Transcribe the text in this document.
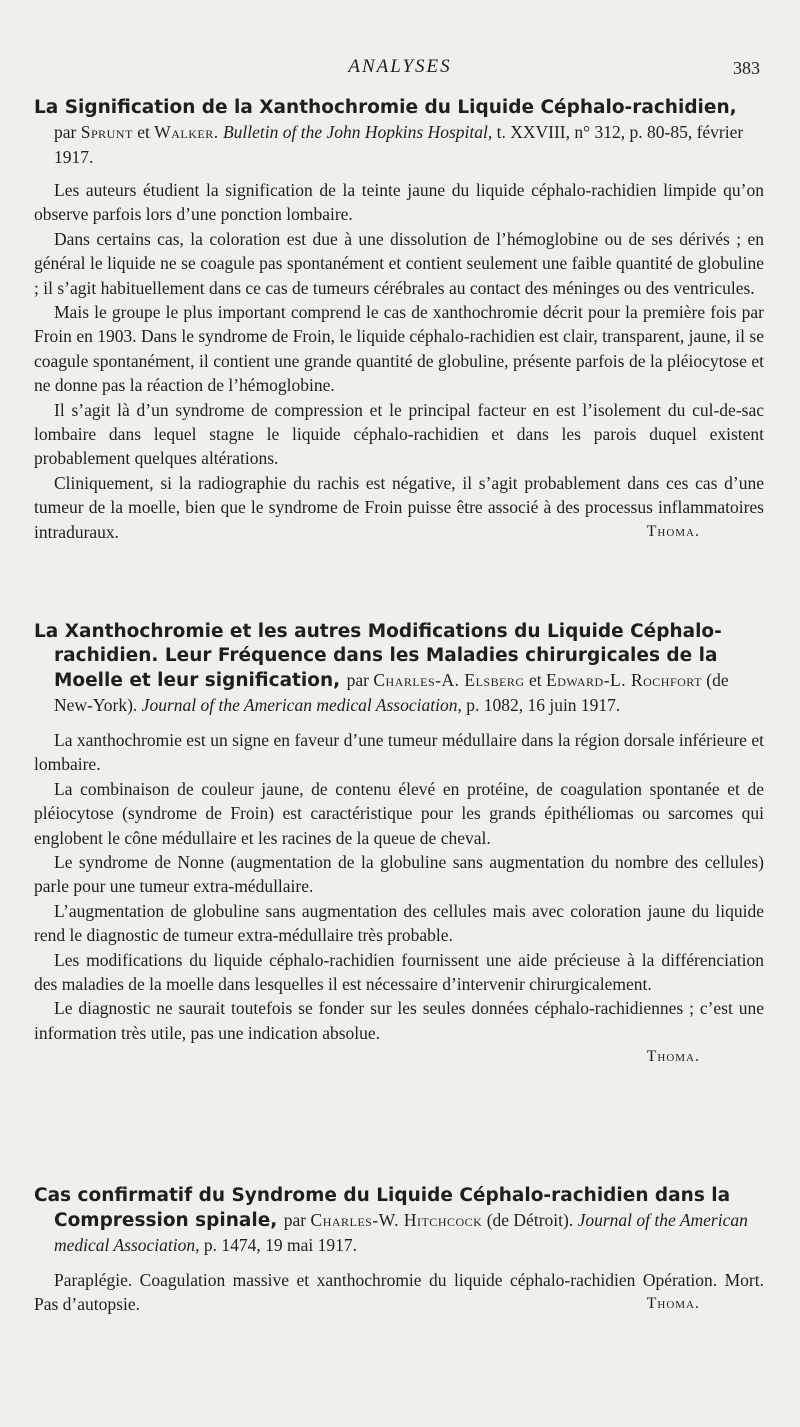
ANALYSES	383
La Signification de la Xanthochromie du Liquide Céphalo-rachidien,
par Sprunt et Walker. Bulletin of the John Hopkins Hospital, t. XXVIII, n° 312, p. 80-85, février 1917.

Les auteurs étudient la signification de la teinte jaune du liquide céphalo-rachidien limpide qu’on observe parfois lors d’une ponction lombaire.

Dans certains cas, la coloration est due à une dissolution de l’hémoglobine ou de ses dérivés ; en général le liquide ne se coagule pas spontanément et contient seulement une faible quantité de globuline ; il s’agit habituellement dans ce cas de tumeurs cérébrales au contact des méninges ou des ventricules.

Mais le groupe le plus important comprend le cas de xanthochromie décrit pour la première fois par Froin en 1903. Dans le syndrome de Froin, le liquide céphalo-rachidien est clair, transparent, jaune, il se coagule spontanément, il contient une grande quantité de globuline, présente parfois de la pléiocytose et ne donne pas la réaction de l’hémoglobine.

Il s’agit là d’un syndrome de compression et le principal facteur en est l’isolement du cul-de-sac lombaire dans lequel stagne le liquide céphalo-rachidien et dans les parois duquel existent probablement quelques altérations.

Cliniquement, si la radiographie du rachis est négative, il s’agit probablement dans ces cas d’une tumeur de la moelle, bien que le syndrome de Froin puisse être associé à des processus inflammatoires intraduraux.	Thoma.

La Xanthochromie et les autres Modifications du Liquide Céphalo-rachidien. Leur Fréquence dans les Maladies chirurgicales de la Moelle et leur signification, par Charles-A. Elsberg et Edward-L. Rochfort (de New-York). Journal of the American medical Association, p. 1082, 16 juin 1917.

La xanthochromie est un signe en faveur d’une tumeur médullaire dans la région dorsale inférieure et lombaire.

La combinaison de couleur jaune, de contenu élevé en protéine, de coagulation spontanée et de pléiocytose (syndrome de Froin) est caractéristique pour les grands épithéliomas ou sarcomes qui englobent le cône médullaire et les racines de la queue de cheval.

Le syndrome de Nonne (augmentation de la globuline sans augmentation du nombre des cellules) parle pour une tumeur extra-médullaire.

L’augmentation de globuline sans augmentation des cellules mais avec coloration jaune du liquide rend le diagnostic de tumeur extra-médullaire très probable.

Les modifications du liquide céphalo-rachidien fournissent une aide précieuse à la différenciation des maladies de la moelle dans lesquelles il est nécessaire d’intervenir chirurgicalement.

Le diagnostic ne saurait toutefois se fonder sur les seules données céphalo-rachidiennes ; c’est une information très utile, pas une indication absolue.

Thoma.
Cas confirmatif du Syndrome du Liquide Céphalo-rachidien dans la Compression spinale, par Charles-W. Hitchcock (de Détroit). Journal of the American medical Association, p. 1474, 19 mai 1917.

Paraplégie. Coagulation massive et xanthochromie du liquide céphalo-rachidien Opération. Mort. Pas d’autopsie.	Thoma.
